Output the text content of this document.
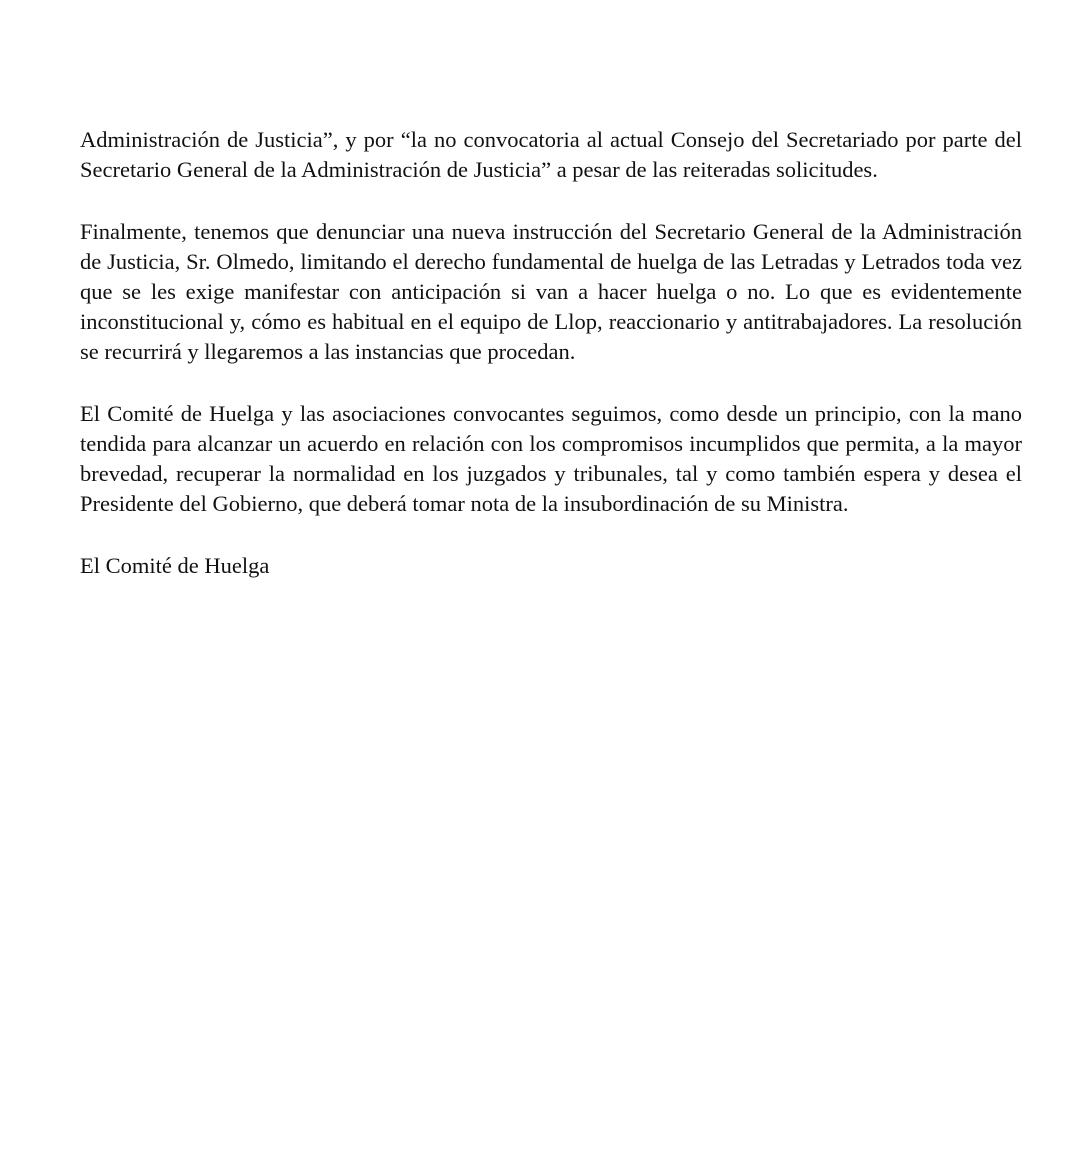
Administración de Justicia”, y por “la no convocatoria al actual Consejo del Secretariado por parte del Secretario General de la Administración de Justicia” a pesar de las reiteradas solicitudes.

Finalmente, tenemos que denunciar una nueva instrucción del Secretario General de la Administración de Justicia, Sr. Olmedo, limitando el derecho fundamental de huelga de las Letradas y Letrados toda vez que se les exige manifestar con anticipación si van a hacer huelga o no. Lo que es evidentemente inconstitucional y, cómo es habitual en el equipo de Llop, reaccionario y antitrabajadores. La resolución se recurrirá y llegaremos a las instancias que procedan.

El Comité de Huelga y las asociaciones convocantes seguimos, como desde un principio, con la mano tendida para alcanzar un acuerdo en relación con los compromisos incumplidos que permita, a la mayor brevedad, recuperar la normalidad en los juzgados y tribunales, tal y como también espera y desea el Presidente del Gobierno, que deberá tomar nota de la insubordinación de su Ministra.

El Comité de Huelga
